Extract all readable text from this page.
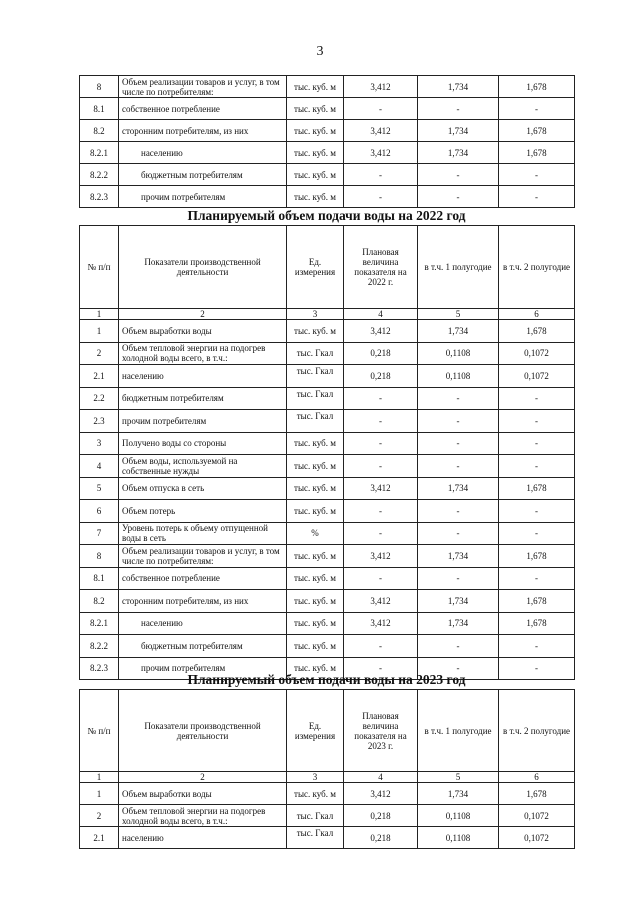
3
8	Объем реализации товаров и услуг, в том числе по потребителям:	тыс. куб. м	3,412	1,734	1,678
8.1	собственное потребление	тыс. куб. м	-	-	-
8.2	сторонним потребителям, из них	тыс. куб. м	3,412	1,734	1,678
8.2.1	населению	тыс. куб. м	3,412	1,734	1,678
8.2.2	бюджетным потребителям	тыс. куб. м	-	-	-
8.2.3	прочим потребителям	тыс. куб. м	-	-	-
Планируемый объем подачи воды на 2022 год
№ п/п	Показатели производственной деятельности	Ед. измерения	Плановая величина показателя на 2022 г.	в т.ч. 1 полугодие	в т.ч. 2 полугодие
1	2	3	4	5	6
1	Объем выработки воды	тыс. куб. м	3,412	1,734	1,678
2	Объем тепловой энергии на подогрев холодной воды всего, в т.ч.:	тыс. Гкал	0,218	0,1108	0,1072
2.1	населению	тыс. Гкал	0,218	0,1108	0,1072
2.2	бюджетным потребителям	тыс. Гкал	-	-	-
2.3	прочим потребителям	тыс. Гкал	-	-	-
3	Получено воды со стороны	тыс. куб. м	-	-	-
4	Объем воды, используемой на собственные нужды	тыс. куб. м	-	-	-
5	Объем отпуска в сеть	тыс. куб. м	3,412	1,734	1,678
6	Объем потерь	тыс. куб. м	-	-	-
7	Уровень потерь к объему отпущенной воды в сеть	%	-	-	-
8	Объем реализации товаров и услуг, в том числе по потребителям:	тыс. куб. м	3,412	1,734	1,678
8.1	собственное потребление	тыс. куб. м	-	-	-
8.2	сторонним потребителям, из них	тыс. куб. м	3,412	1,734	1,678
8.2.1	населению	тыс. куб. м	3,412	1,734	1,678
8.2.2	бюджетным потребителям	тыс. куб. м	-	-	-
8.2.3	прочим потребителям	тыс. куб. м	-	-	-
Планируемый объем подачи воды на 2023 год
№ п/п	Показатели производственной деятельности	Ед. измерения	Плановая величина показателя на 2023 г.	в т.ч. 1 полугодие	в т.ч. 2 полугодие
1	2	3	4	5	6
1	Объем выработки воды	тыс. куб. м	3,412	1,734	1,678
2	Объем тепловой энергии на подогрев холодной воды всего, в т.ч.:	тыс. Гкал	0,218	0,1108	0,1072
2.1	населению	тыс. Гкал	0,218	0,1108	0,1072
